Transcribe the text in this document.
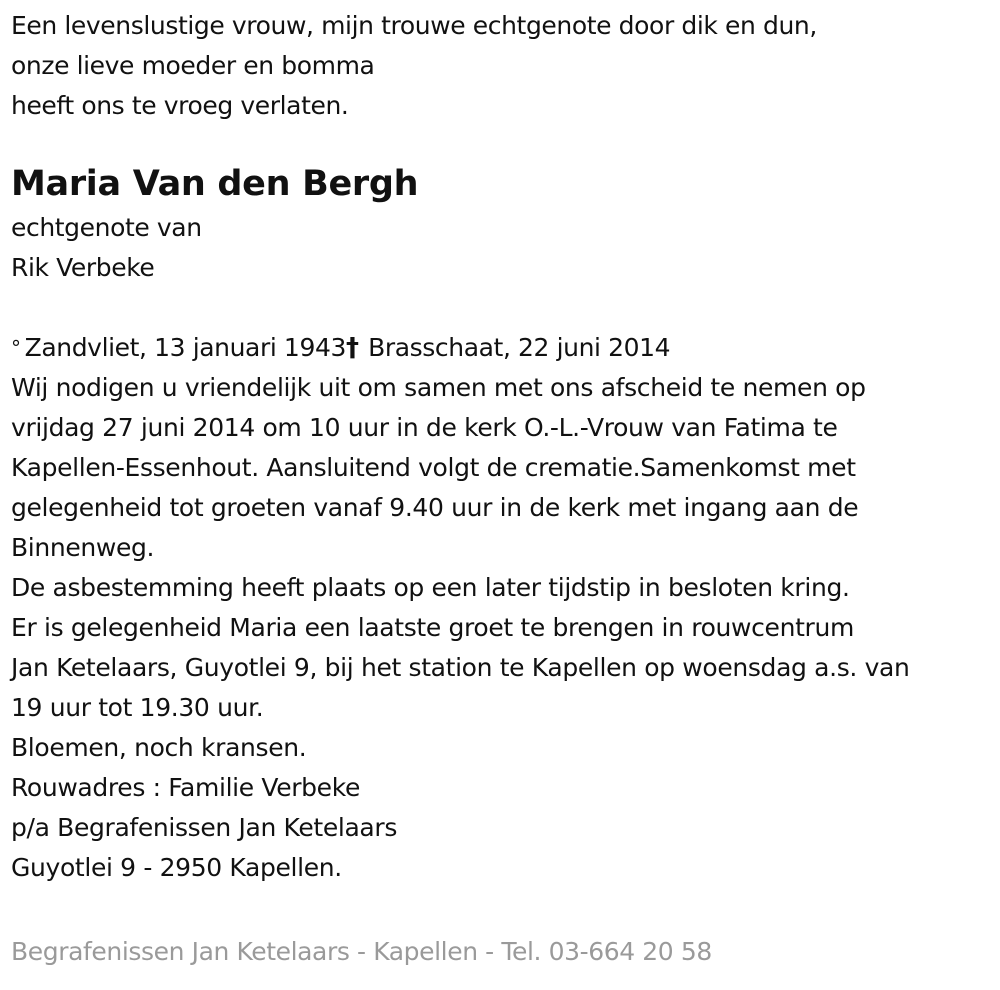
Een levenslustige vrouw, mijn trouwe echtgenote door dik en dun,
onze lieve moeder en bomma
heeft ons te vroeg verlaten.
Maria Van den Bergh
echtgenote van
Rik Verbeke
° Zandvliet, 13 januari 1943† Brasschaat, 22 juni 2014
Wij nodigen u vriendelijk uit om samen met ons afscheid te nemen op
vrijdag 27 juni 2014 om 10 uur in de kerk O.-L.-Vrouw van Fatima te
Kapellen-Essenhout. Aansluitend volgt de crematie.Samenkomst met
gelegenheid tot groeten vanaf 9.40 uur in de kerk met ingang aan de
Binnenweg.
De asbestemming heeft plaats op een later tijdstip in besloten kring.
Er is gelegenheid Maria een laatste groet te brengen in rouwcentrum
Jan Ketelaars, Guyotlei 9, bij het station te Kapellen op woensdag a.s. van
19 uur tot 19.30 uur.
Bloemen, noch kransen.
Rouwadres : Familie Verbeke
p/a Begrafenissen Jan Ketelaars
Guyotlei 9 - 2950 Kapellen.
Begrafenissen Jan Ketelaars - Kapellen - Tel. 03-664 20 58
